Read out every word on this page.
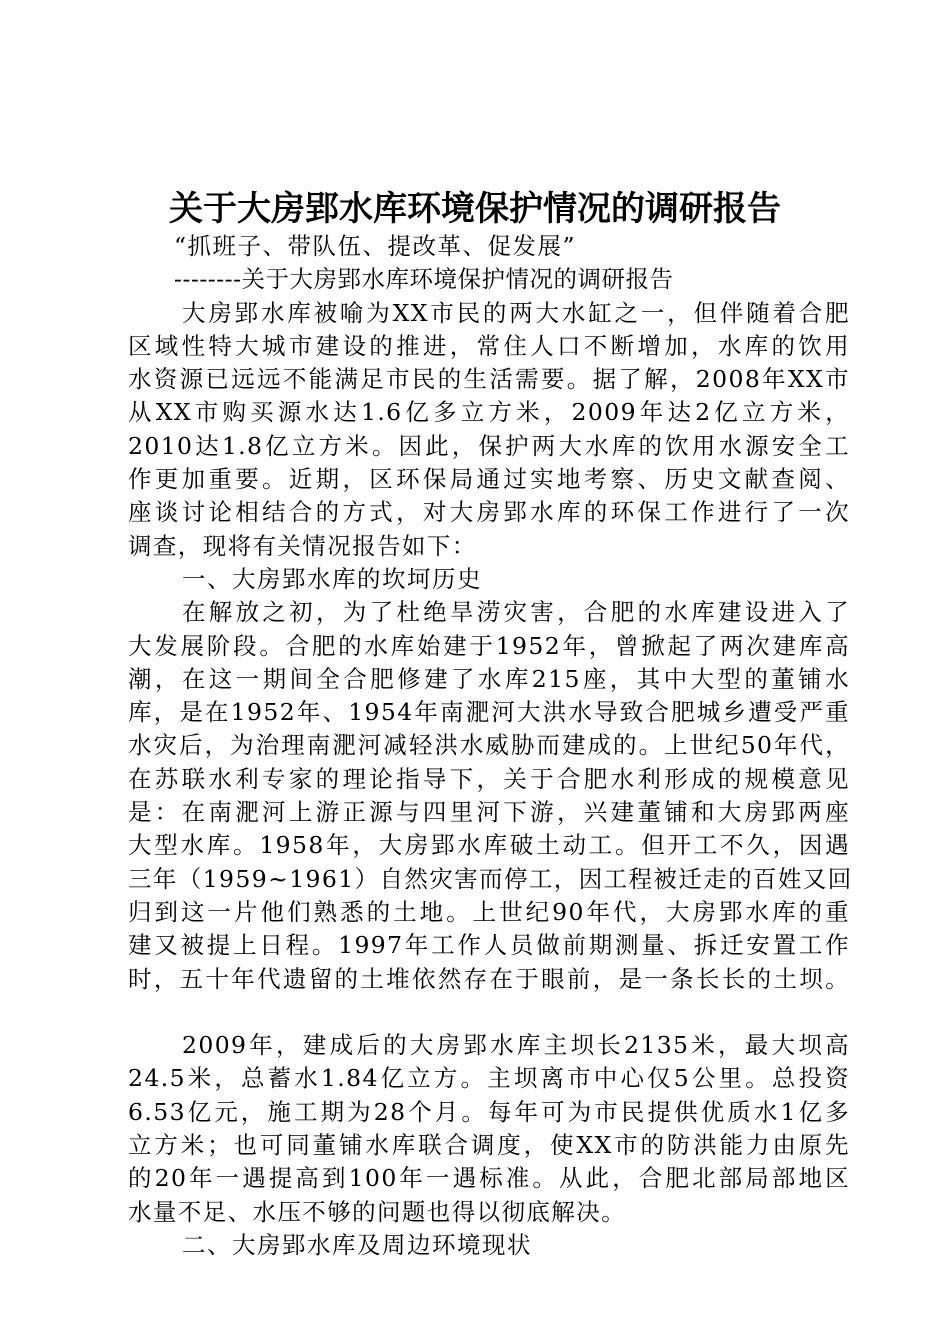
关于大房郢水库环境保护情况的调研报告
“抓班子、带队伍、提改革、促发展”
--------关于大房郢水库环境保护情况的调研报告
大房郢水库被喻为XX市民的两大水缸之一，但伴随着合肥
区域性特大城市建设的推进，常住人口不断增加，水库的饮用
水资源已远远不能满足市民的生活需要。据了解，2008年XX市
从XX市购买源水达1.6亿多立方米，2009年达2亿立方米，
2010达1.8亿立方米。因此，保护两大水库的饮用水源安全工
作更加重要。近期，区环保局通过实地考察、历史文献查阅、
座谈讨论相结合的方式，对大房郢水库的环保工作进行了一次
调查，现将有关情况报告如下：
一、大房郢水库的坎坷历史
在解放之初，为了杜绝旱涝灾害，合肥的水库建设进入了
大发展阶段。合肥的水库始建于1952年，曾掀起了两次建库高
潮，在这一期间全合肥修建了水库215座，其中大型的董铺水
库，是在1952年、1954年南淝河大洪水导致合肥城乡遭受严重
水灾后，为治理南淝河减轻洪水威胁而建成的。上世纪50年代，
在苏联水利专家的理论指导下，关于合肥水利形成的规模意见
是：在南淝河上游正源与四里河下游，兴建董铺和大房郢两座
大型水库。1958年，大房郢水库破土动工。但开工不久，因遇
三年（1959~1961）自然灾害而停工，因工程被迁走的百姓又回
归到这一片他们熟悉的土地。上世纪90年代，大房郢水库的重
建又被提上日程。1997年工作人员做前期测量、拆迁安置工作
时，五十年代遗留的土堆依然存在于眼前，是一条长长的土坝。
2009年，建成后的大房郢水库主坝长2135米，最大坝高
24.5米，总蓄水1.84亿立方。主坝离市中心仅5公里。总投资
6.53亿元，施工期为28个月。每年可为市民提供优质水1亿多
立方米；也可同董铺水库联合调度，使XX市的防洪能力由原先
的20年一遇提高到100年一遇标准。从此，合肥北部局部地区
水量不足、水压不够的问题也得以彻底解决。
二、大房郢水库及周边环境现状
